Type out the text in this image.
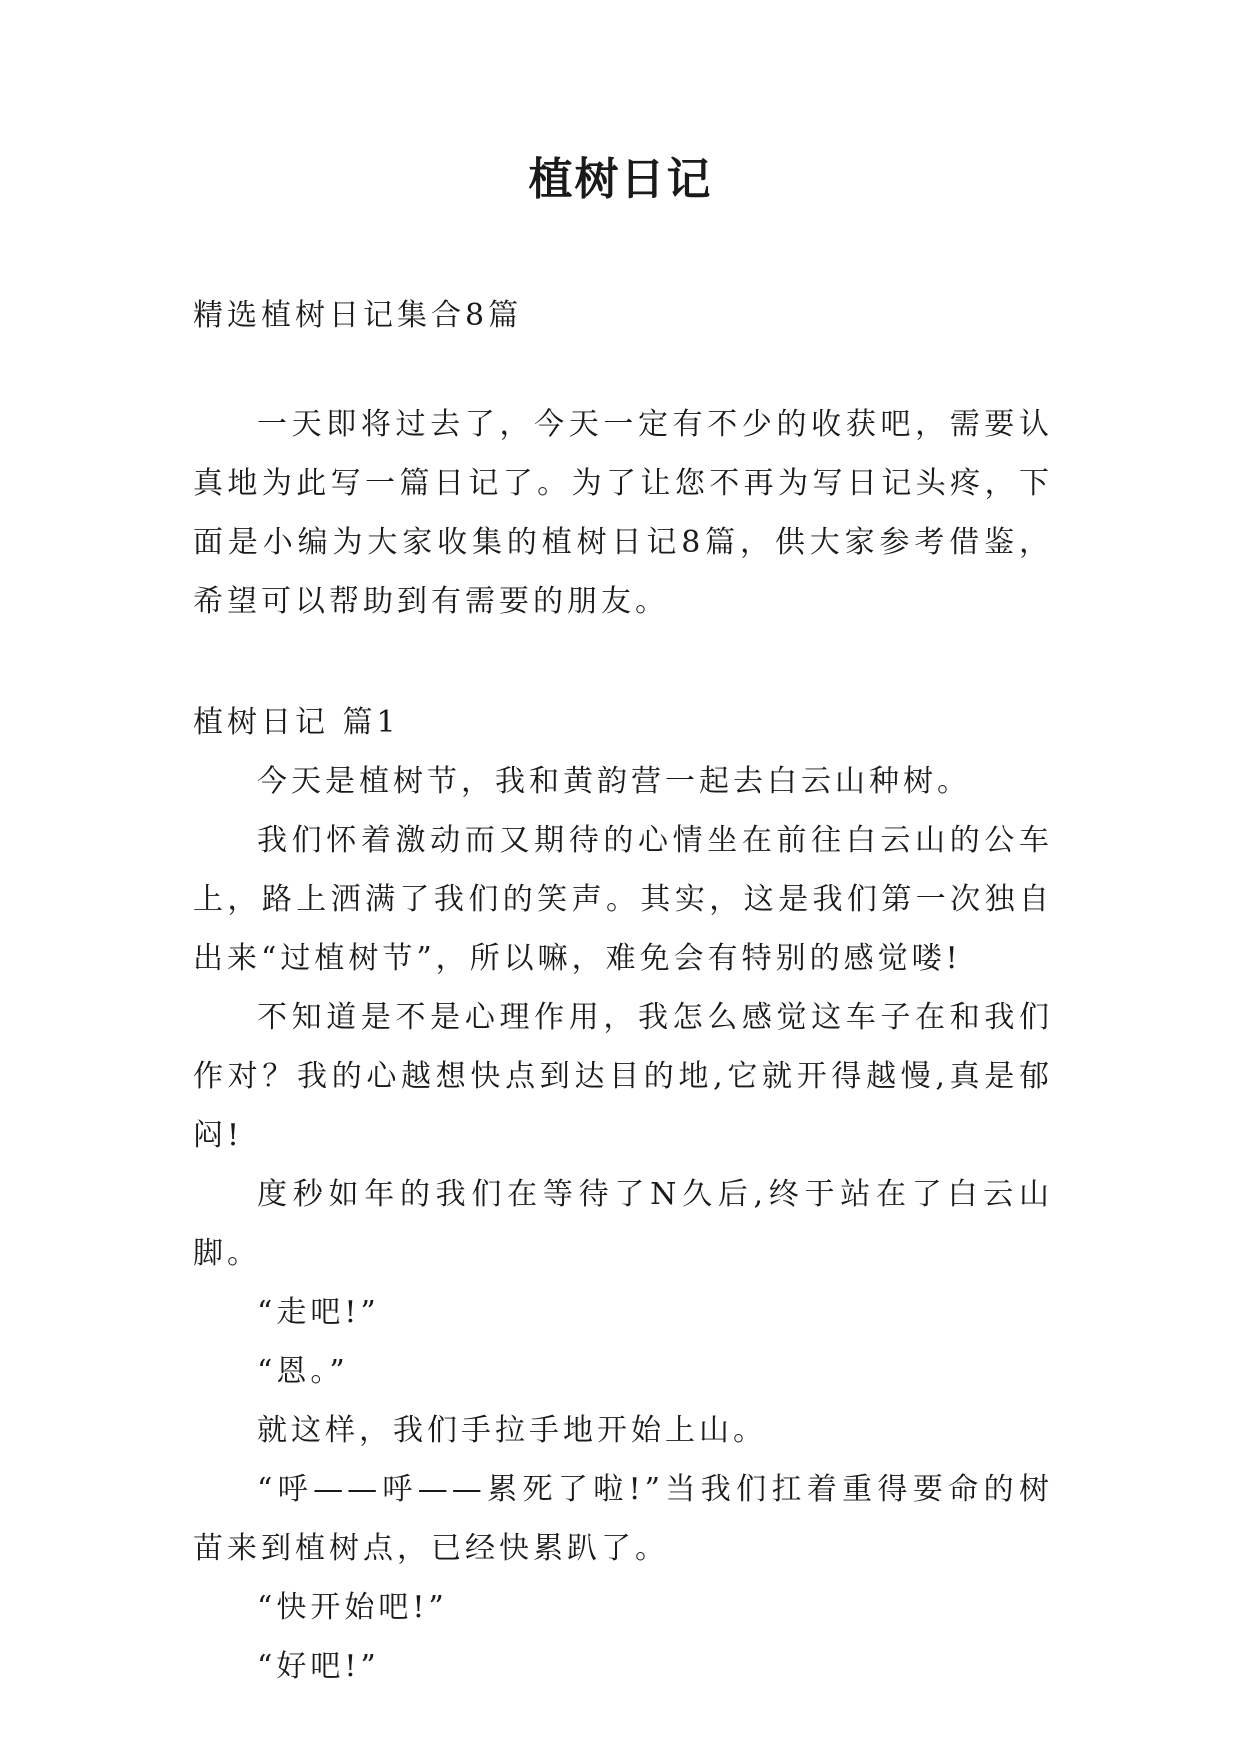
植树日记

精选植树日记集合8篇

一天即将过去了，今天一定有不少的收获吧，需要认真地为此写一篇日记了。为了让您不再为写日记头疼，下面是小编为大家收集的植树日记8篇，供大家参考借鉴，希望可以帮助到有需要的朋友。

植树日记 篇1

今天是植树节，我和黄韵营一起去白云山种树。

我们怀着激动而又期待的心情坐在前往白云山的公车上，路上洒满了我们的笑声。其实，这是我们第一次独自出来“过植树节”，所以嘛，难免会有特别的感觉喽!

不知道是不是心理作用，我怎么感觉这车子在和我们作对？我的心越想快点到达目的地,它就开得越慢,真是郁闷!

度秒如年的我们在等待了N久后,终于站在了白云山脚。

“走吧!”

“恩。”

就这样，我们手拉手地开始上山。

“呼——呼——累死了啦!”当我们扛着重得要命的树苗来到植树点，已经快累趴了。

“快开始吧!”

“好吧!”
